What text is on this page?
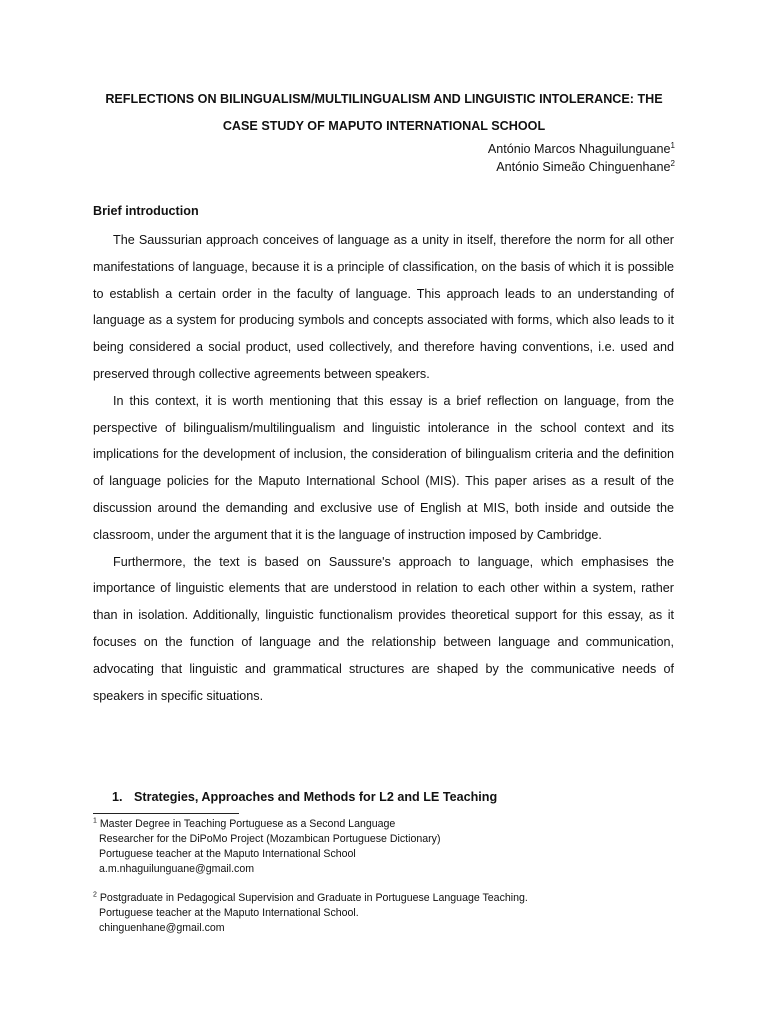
REFLECTIONS ON BILINGUALISM/MULTILINGUALISM AND LINGUISTIC INTOLERANCE: THE
CASE STUDY OF MAPUTO INTERNATIONAL SCHOOL
António Marcos Nhaguilunguane$^1$
António Simeão Chinguenhane$^2$
Brief introduction

The Saussurian approach conceives of language as a unity in itself, therefore the norm for all other manifestations of language, because it is a principle of classification, on the basis of which it is possible to establish a certain order in the faculty of language. This approach leads to an understanding of language as a system for producing symbols and concepts associated with forms, which also leads to it being considered a social product, used collectively, and therefore having conventions, i.e. used and preserved through collective agreements between speakers.

In this context, it is worth mentioning that this essay is a brief reflection on language, from the perspective of bilingualism/multilingualism and linguistic intolerance in the school context and its implications for the development of inclusion, the consideration of bilingualism criteria and the definition of language policies for the Maputo International School (MIS). This paper arises as a result of the discussion around the demanding and exclusive use of English at MIS, both inside and outside the classroom, under the argument that it is the language of instruction imposed by Cambridge.

Furthermore, the text is based on Saussure's approach to language, which emphasises the importance of linguistic elements that are understood in relation to each other within a system, rather than in isolation. Additionally, linguistic functionalism provides theoretical support for this essay, as it focuses on the function of language and the relationship between language and communication, advocating that linguistic and grammatical structures are shaped by the communicative needs of speakers in specific situations.

1. Strategies, Approaches and Methods for L2 and LE Teaching
$^1$ Master Degree in Teaching Portuguese as a Second Language
Researcher for the DiPoMo Project (Mozambican Portuguese Dictionary)
Portuguese teacher at the Maputo International School
a.m.nhaguilunguane@gmail.com
$^2$ Postgraduate in Pedagogical Supervision and Graduate in Portuguese Language Teaching.
Portuguese teacher at the Maputo International School.
chinguenhane@gmail.com
